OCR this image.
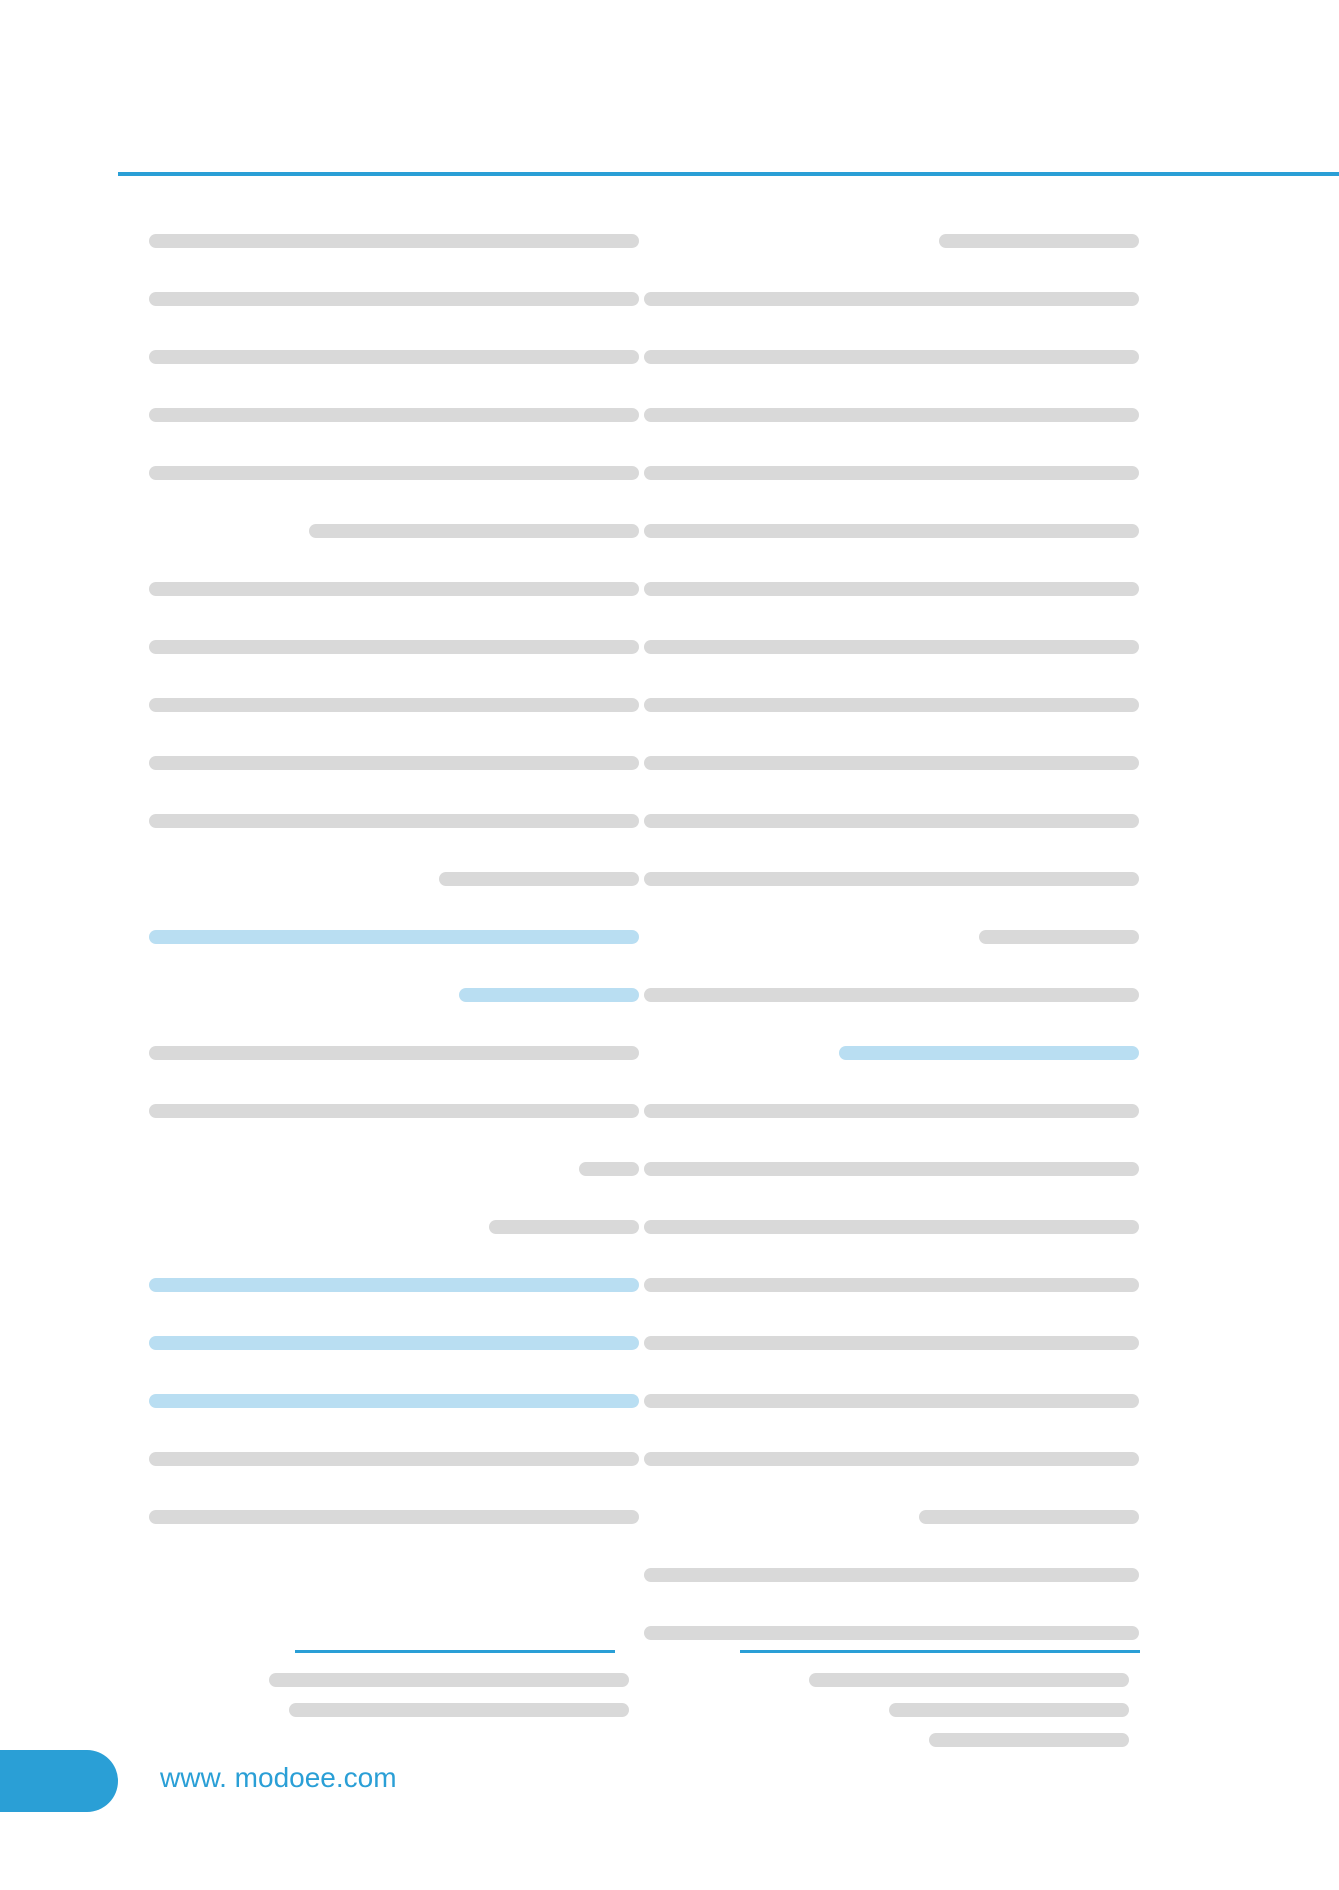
www. modoee.com
